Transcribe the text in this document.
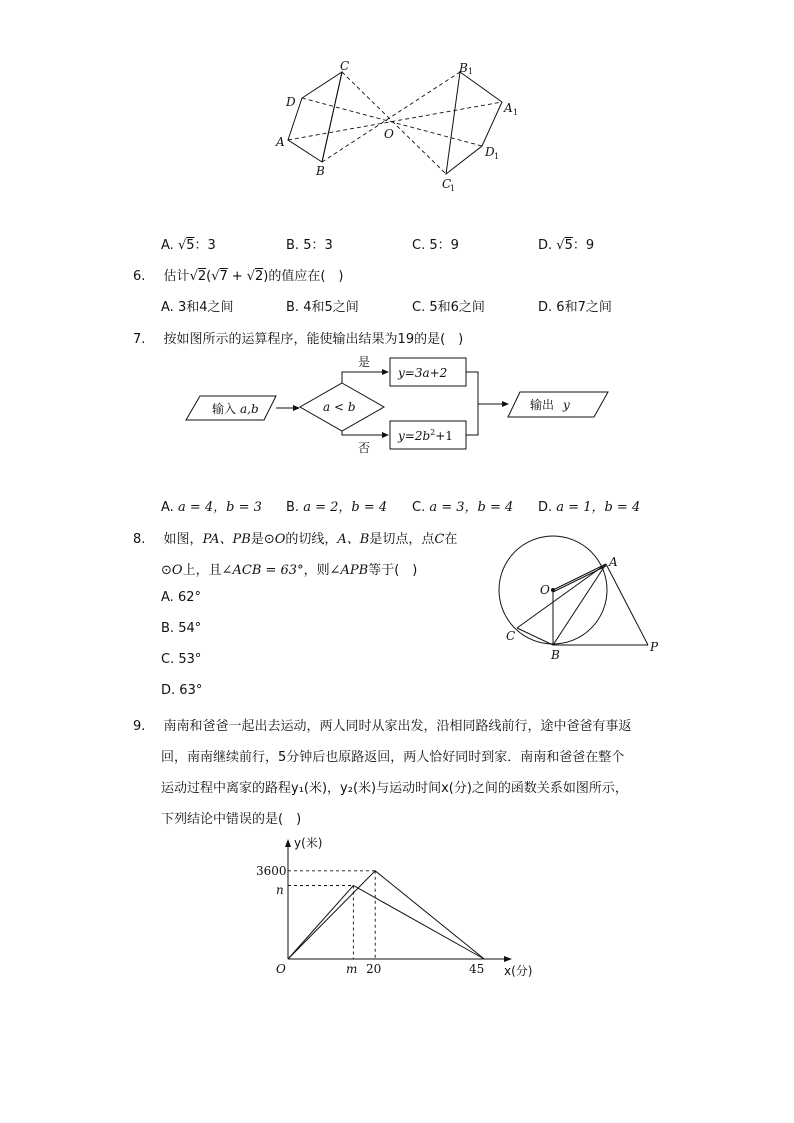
C
D
A
B
O
B
A
D
C
1
1
1
1
A. √5：3	B. 5：3	C. 5：9	D. √5：9
6. 估计√2(√7 + √2)的值应在(　)
A. 3和4之间	B. 4和5之间	C. 5和6之间	D. 6和7之间
7. 按如图所示的运算程序，能使输出结果为19的是(　)
输入 a,b	a < b
是
否
y=3a+2
$y=2b^2+1$
输出 y
A. a = 4，b = 3 B. a = 2，b = 4 C. a = 3，b = 4 D. a = 1，b = 4
8. 如图，PA、PB是⊙O的切线，A、B是切点，点C在
⊙O上，且∠ACB = 63°，则∠APB等于(　)
A. 62°
B. 54°
C. 53°
D. 63°
O
A
C
B
P
9. 南南和爸爸一起出去运动，两人同时从家出发，沿相同路线前行，途中爸爸有事返
回，南南继续前行，5分钟后也原路返回，两人恰好同时到家．南南和爸爸在整个
运动过程中离家的路程y₁(米)，y₂(米)与运动时间x(分)之间的函数关系如图所示，
下列结论中错误的是(　)
y(米)
x(分)
O
3600
n
m 20	45
